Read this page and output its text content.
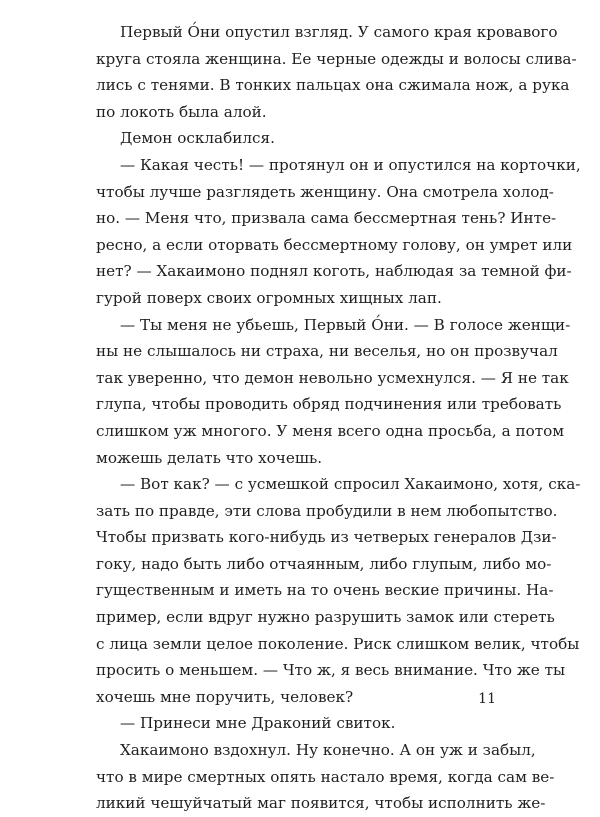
Первый О́ни опустил взгляд. У самого края кровавого
круга стояла женщина. Ее черные одежды и волосы слива-
лись с тенями. В тонких пальцах она сжимала нож, а рука
по локоть была алой.
Демон осклабился.
— Какая честь! — протянул он и опустился на корточки,
чтобы лучше разглядеть женщину. Она смотрела холод-
но. — Меня что, призвала сама бессмертная тень? Инте-
ресно, а если оторвать бессмертному голову, он умрет или
нет? — Хакаимоно поднял коготь, наблюдая за темной фи-
гурой поверх своих огромных хищных лап.
— Ты меня не убьешь, Первый О́ни. — В голосе женщи-
ны не слышалось ни страха, ни веселья, но он прозвучал
так уверенно, что демон невольно усмехнулся. — Я не так
глупа, чтобы проводить обряд подчинения или требовать
слишком уж многого. У меня всего одна просьба, а потом
можешь делать что хочешь.
— Вот как? — с усмешкой спросил Хакаимоно, хотя, ска-
зать по правде, эти слова пробудили в нем любопытство.
Чтобы призвать кого-нибудь из четверых генералов Дзи-
гоку, надо быть либо отчаянным, либо глупым, либо мо-
гущественным и иметь на то очень веские причины. На-
пример, если вдруг нужно разрушить замок или стереть
с лица земли целое поколение. Риск слишком велик, чтобы
просить о меньшем. — Что ж, я весь внимание. Что же ты
хочешь мне поручить, человек?
— Принеси мне Драконий свиток.
Хакаимоно вздохнул. Ну конечно. А он уж и забыл,
что в мире смертных опять настало время, когда сам ве-
ликий чешуйчатый маг появится, чтобы исполнить же-
11
